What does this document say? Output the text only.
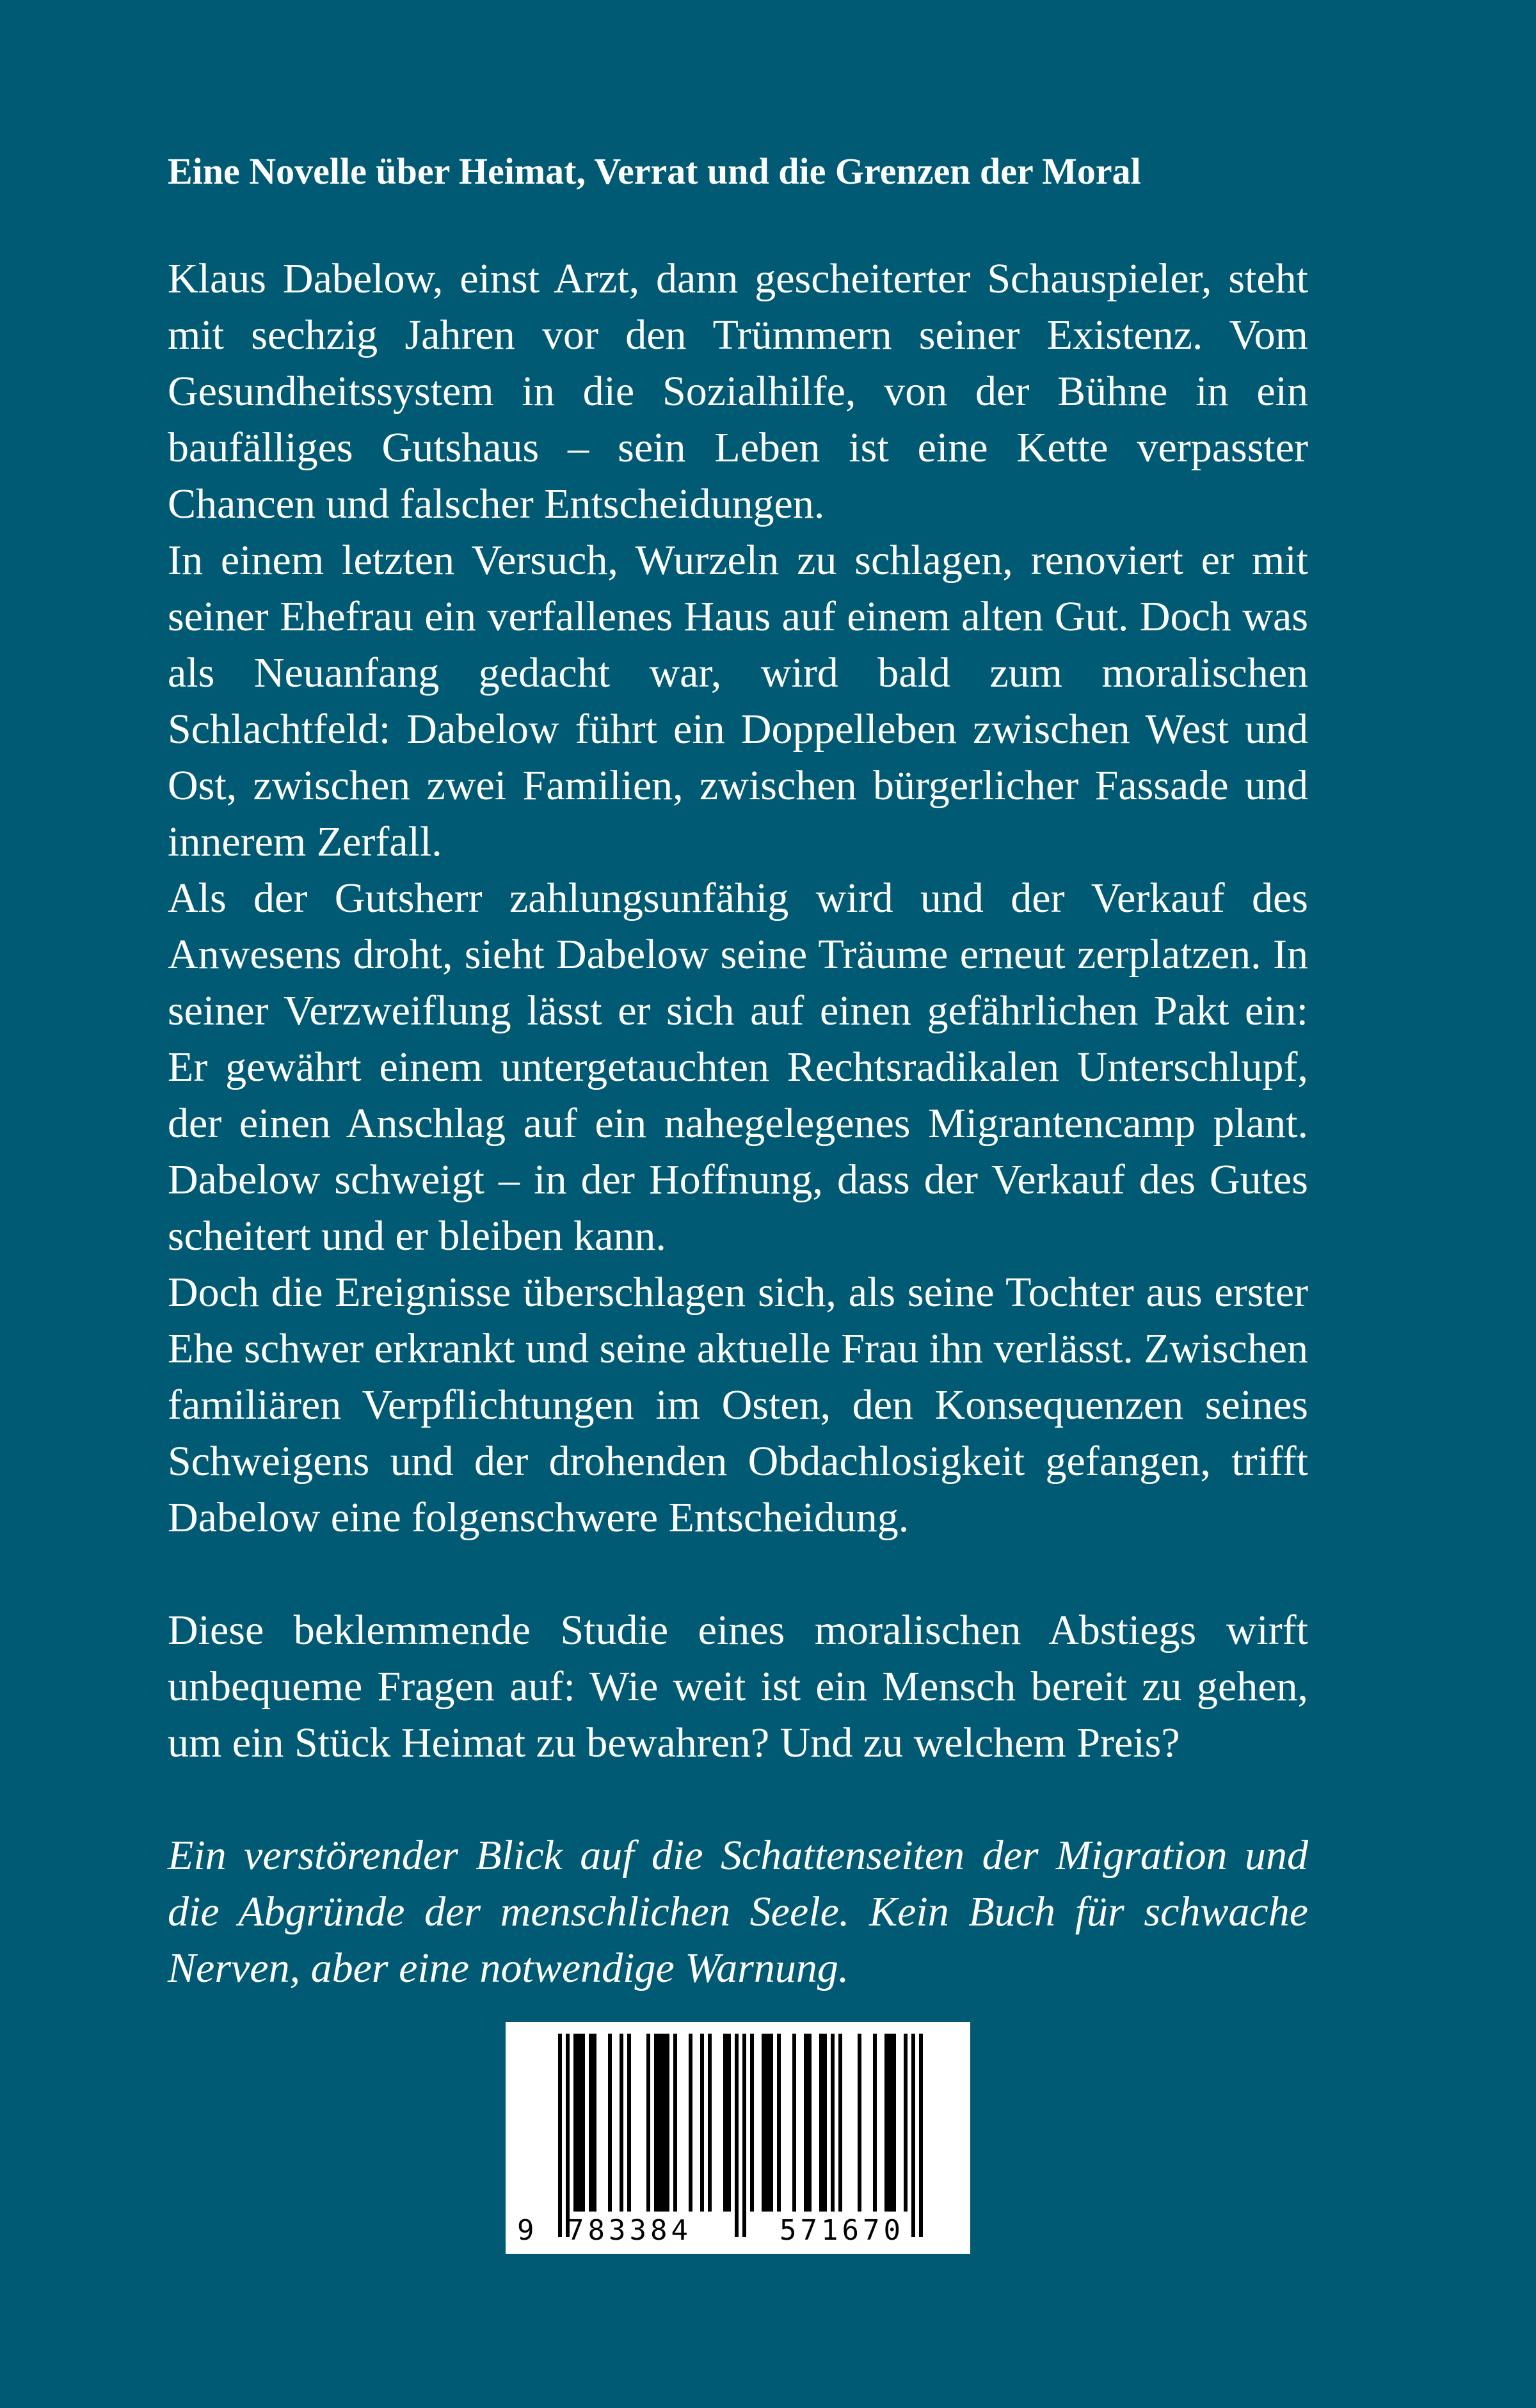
Eine Novelle über Heimat, Verrat und die Grenzen der Moral

Klaus Dabelow, einst Arzt, dann gescheiterter Schauspieler, steht mit sechzig Jahren vor den Trümmern seiner Existenz. Vom Gesundheitssystem in die Sozialhilfe, von der Bühne in ein baufälliges Gutshaus – sein Leben ist eine Kette verpasster Chancen und falscher Entscheidungen.

In einem letzten Versuch, Wurzeln zu schlagen, renoviert er mit seiner Ehefrau ein verfallenes Haus auf einem alten Gut. Doch was als Neuanfang gedacht war, wird bald zum moralischen Schlachtfeld: Dabelow führt ein Doppelleben zwischen West und Ost, zwischen zwei Familien, zwischen bürgerlicher Fassade und innerem Zerfall.

Als der Gutsherr zahlungsunfähig wird und der Verkauf des Anwesens droht, sieht Dabelow seine Träume erneut zerplatzen. In seiner Verzweiflung lässt er sich auf einen gefährlichen Pakt ein: Er gewährt einem untergetauchten Rechtsradikalen Unterschlupf, der einen Anschlag auf ein nahegelegenes Migrantencamp plant. Dabelow schweigt – in der Hoffnung, dass der Verkauf des Gutes scheitert und er bleiben kann.

Doch die Ereignisse überschlagen sich, als seine Tochter aus erster Ehe schwer erkrankt und seine aktuelle Frau ihn verlässt. Zwischen familiären Verpflichtungen im Osten, den Konsequenzen seines Schweigens und der drohenden Obdachlosigkeit gefangen, trifft Dabelow eine folgenschwere Entscheidung.

Diese beklemmende Studie eines moralischen Abstiegs wirft unbequeme Fragen auf: Wie weit ist ein Mensch bereit zu gehen, um ein Stück Heimat zu bewahren? Und zu welchem Preis?

Ein verstörender Blick auf die Schattenseiten der Migration und die Abgründe der menschlichen Seele. Kein Buch für schwache Nerven, aber eine notwendige Warnung.

9 783384	571670
